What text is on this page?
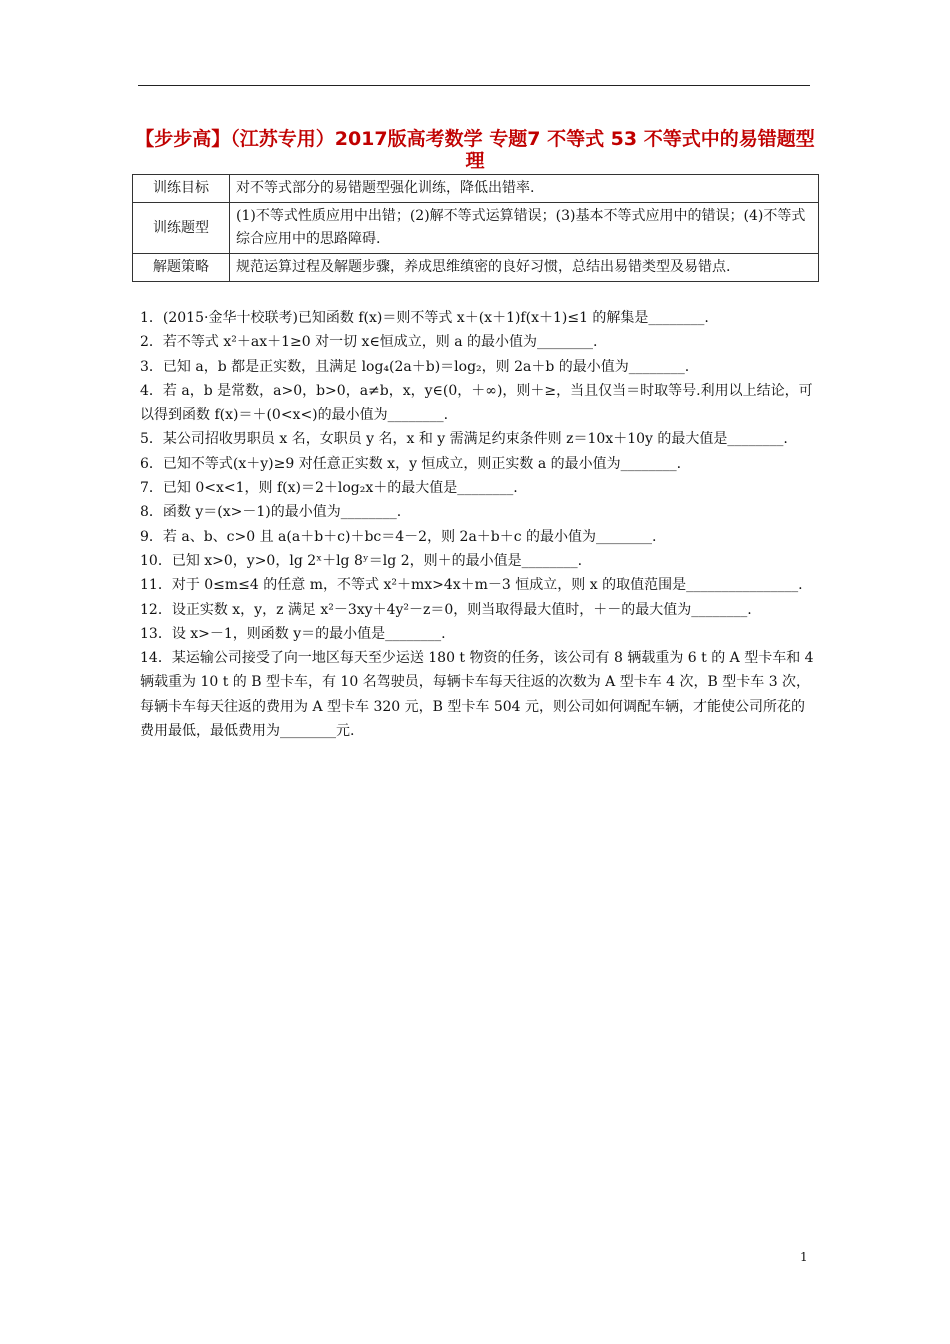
【步步高】（江苏专用）2017版高考数学 专题7 不等式 53 不等式中的易错题型 理
训练目标	对不等式部分的易错题型强化训练，降低出错率.
训练题型	(1)不等式性质应用中出错；(2)解不等式运算错误；(3)基本不等式应用中的错误；(4)不等式综合应用中的思路障碍.
解题策略	规范运算过程及解题步骤，养成思维缜密的良好习惯，总结出易错类型及易错点.

1．(2015·金华十校联考)已知函数 f(x)＝则不等式 x＋(x＋1)f(x＋1)≤1 的解集是________.

2．若不等式 x²＋ax＋1≥0 对一切 x∈恒成立，则 a 的最小值为________.

3．已知 a，b 都是正实数，且满足 log₄(2a＋b)＝log₂，则 2a＋b 的最小值为________.

4．若 a，b 是常数，a>0，b>0，a≠b，x，y∈(0，＋∞)，则＋≥，当且仅当＝时取等号.利用以上结论，可以得到函数 f(x)＝＋(0<x<)的最小值为________.

5．某公司招收男职员 x 名，女职员 y 名，x 和 y 需满足约束条件则 z＝10x＋10y 的最大值是________.

6．已知不等式(x＋y)≥9 对任意正实数 x，y 恒成立，则正实数 a 的最小值为________.

7．已知 0<x<1，则 f(x)＝2＋log₂x＋的最大值是________.

8．函数 y＝(x>－1)的最小值为________.

9．若 a、b、c>0 且 a(a＋b＋c)＋bc＝4－2，则 2a＋b＋c 的最小值为________.

10．已知 x>0，y>0，lg 2ˣ＋lg 8ʸ＝lg 2，则＋的最小值是________.

11．对于 0≤m≤4 的任意 m，不等式 x²＋mx>4x＋m－3 恒成立，则 x 的取值范围是________________.

12．设正实数 x，y，z 满足 x²－3xy＋4y²－z＝0，则当取得最大值时，＋－的最大值为________.

13．设 x>－1，则函数 y＝的最小值是________.

14．某运输公司接受了向一地区每天至少运送 180 t 物资的任务，该公司有 8 辆载重为 6 t 的 A 型卡车和 4 辆载重为 10 t 的 B 型卡车，有 10 名驾驶员，每辆卡车每天往返的次数为 A 型卡车 4 次，B 型卡车 3 次，每辆卡车每天往返的费用为 A 型卡车 320 元，B 型卡车 504 元，则公司如何调配车辆，才能使公司所花的费用最低，最低费用为________元.

1
